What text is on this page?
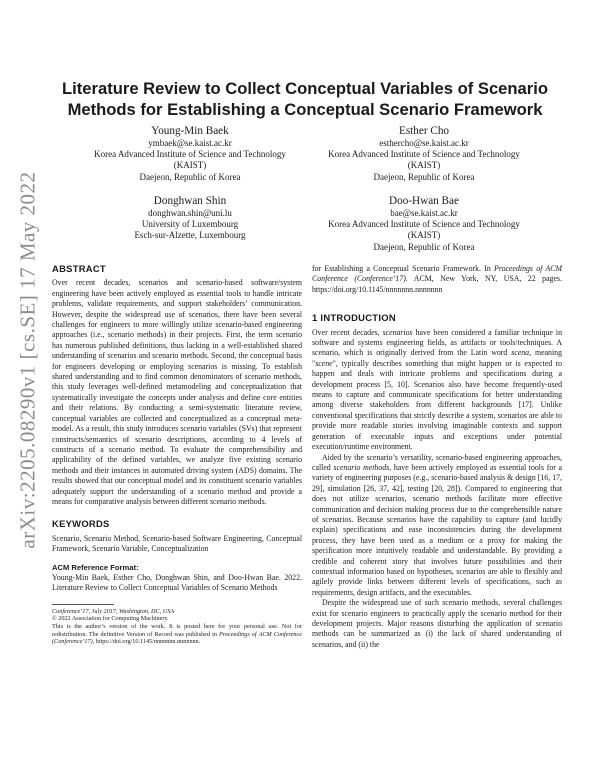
arXiv:2205.08290v1 [cs.SE] 17 May 2022
Literature Review to Collect Conceptual Variables of Scenario
Methods for Establishing a Conceptual Scenario Framework
Young-Min Baek
ymbaek@se.kaist.ac.kr
Korea Advanced Institute of Science and Technology
(KAIST)
Daejeon, Republic of Korea
Esther Cho
esthercho@se.kaist.ac.kr
Korea Advanced Institute of Science and Technology
(KAIST)
Daejeon, Republic of Korea
Donghwan Shin
donghwan.shin@uni.lu
University of Luxembourg
Esch-sur-Alzette, Luxembourg
Doo-Hwan Bae
bae@se.kaist.ac.kr
Korea Advanced Institute of Science and Technology
(KAIST)
Daejeon, Republic of Korea
ABSTRACT

Over recent decades, scenarios and scenario-based software/system engineering have been actively employed as essential tools to handle intricate problems, validate requirements, and support stakeholders’ communication. However, despite the widespread use of scenarios, there have been several challenges for engineers to more willingly utilize scenario-based engineering approaches (i.e., scenario methods) in their projects. First, the term scenario has numerous published definitions, thus lacking in a well-established shared understanding of scenarios and scenario methods. Second, the conceptual basis for engineers developing or employing scenarios is missing. To establish shared understanding and to find common denominators of scenario methods, this study leverages well-defined metamodeling and conceptualization that systematically investigate the concepts under analysis and define core entities and their relations. By conducting a semi-systematic literature review, conceptual variables are collected and conceptualized as a conceptual meta-model. As a result, this study introduces scenario variables (SVs) that represent constructs/semantics of scenario descriptions, according to 4 levels of constructs of a scenario method. To evaluate the comprehensibility and applicability of the defined variables, we analyze five existing scenario methods and their instances in automated driving system (ADS) domains. The results showed that our conceptual model and its constituent scenario variables adequately support the understanding of a scenario method and provide a means for comparative analysis between different scenario methods.

KEYWORDS

Scenario, Scenario Method, Scenario-based Software Engineering, Conceptual Framework, Scenario Variable, Conceptualization

ACM Reference Format:

Young-Min Baek, Esther Cho, Donghwan Shin, and Doo-Hwan Bae. 2022. Literature Review to Collect Conceptual Variables of Scenario Methods

Conference’17, July 2017, Washington, DC, USA

© 2022 Association for Computing Machinery.

This is the author’s version of the work. It is posted here for your personal use. Not for redistribution. The definitive Version of Record was published in Proceedings of ACM Conference (Conference’17), https://doi.org/10.1145/nnnnnnn.nnnnnnn.

for Establishing a Conceptual Scenario Framework. In Proceedings of ACM Conference (Conference’17). ACM, New York, NY, USA, 22 pages. https://doi.org/10.1145/nnnnnnn.nnnnnnn

1 INTRODUCTION

Over recent decades, scenarios have been considered a familiar technique in software and systems engineering fields, as artifacts or tools/techniques. A scenario, which is originally derived from the Latin word scena, meaning "scene", typically describes something that might happen or is expected to happen and deals with intricate problems and specifications during a development process [5, 10]. Scenarios also have become frequently-used means to capture and communicate specifications for better understanding among diverse stakeholders from different backgrounds [17]. Unlike conventional specifications that strictly describe a system, scenarios are able to provide more readable stories involving imaginable contexts and support generation of executable inputs and exceptions under potential execution/runtime environment.

Aided by the scenario’s versatility, scenario-based engineering approaches, called scenario methods, have been actively employed as essential tools for a variety of engineering purposes (e.g., scenario-based analysis & design [16, 17, 29], simulation [26, 37, 42], testing [20, 28]). Compared to engineering that does not utilize scenarios, scenario methods facilitate more effective communication and decision making process due to the comprehensible nature of scenarios. Because scenarios have the capability to capture (and lucidly explain) specifications and ease inconsistencies during the development process, they have been used as a medium or a proxy for making the specification more intuitively readable and understandable. By providing a credible and coherent story that involves future possibilities and their contextual information based on hypotheses, scenarios are able to flexibly and agilely provide links between different levels of specifications, such as requirements, design artifacts, and the executables.

Despite the widespread use of such scenario methods, several challenges exist for scenario engineers to practically apply the scenario method for their development projects. Major reasons disturbing the application of scenario methods can be summarized as (i) the lack of shared understanding of scenarios, and (ii) the
